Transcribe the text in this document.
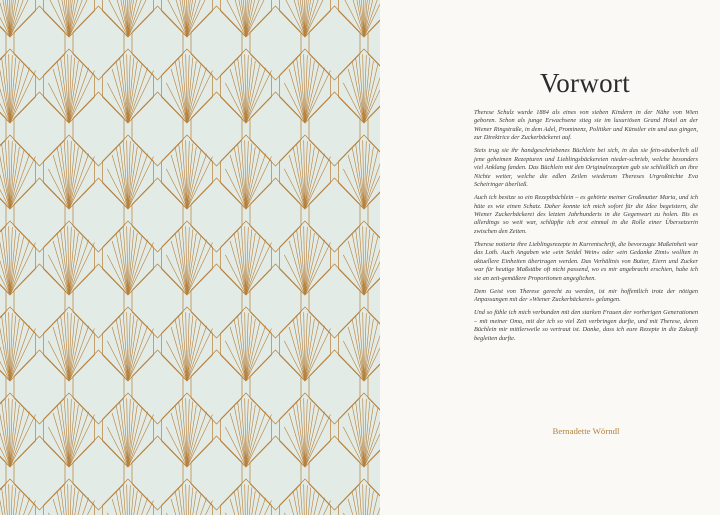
Vorwort

Therese Schulz wurde 1884 als eines von sieben Kindern in der Nähe von Wien geboren. Schon als junge Erwachsene stieg sie im luxuriösen Grand Hotel an der Wiener Ringstraße, in dem Adel, Prominenz, Politiker und Künstler ein und aus gingen, zur Direktrice der Zuckerbäckerei auf.

Stets trug sie ihr handgeschriebenes Büchlein bei sich, in das sie fein-säuberlich all jene geheimen Rezepturen und Lieblingsbäckereien nieder-schrieb, welche besonders viel Anklang fanden. Das Büchlein mit den Originalrezepten gab sie schließlich an ihre Nichte weiter, welche die edlen Zeilen wiederum Thereses Urgroßnichte Eva Scheiringer überließ.

Auch ich besitze so ein Rezeptbüchlein – es gehörte meiner Großmutter Maria, und ich hüte es wie einen Schatz. Daher konnte ich mich sofort für die Idee begeistern, die Wiener Zuckerbäckerei des letzten Jahrhunderts in die Gegenwart zu holen. Bis es allerdings so weit war, schlüpfte ich erst einmal in die Rolle einer Übersetzerin zwischen den Zeiten.

Therese notierte ihre Lieblingsrezepte in Kurrentschrift, die bevorzugte Maßeinheit war das Loth. Auch Angaben wie »ein Seidel Wein« oder »ein Gedanke Zimt« wollten in aktuellere Einheiten übertragen werden. Das Verhältnis von Butter, Eiern und Zucker war für heutige Maßstäbe oft nicht passend, wo es mir angebracht erschien, habe ich sie an zeit-gemäßere Proportionen angeglichen.

Dem Geist von Therese gerecht zu werden, ist mir hoffentlich trotz der nötigen Anpassungen mit der »Wiener Zuckerbäckerei« gelangen.

Und so fühle ich mich verbunden mit den starken Frauen der vorherigen Generationen – mit meiner Oma, mit der ich so viel Zeit verbringen durfte, und mit Therese, deren Büchlein mir mittlerweile so vertraut ist. Danke, dass ich eure Rezepte in die Zukunft begleiten durfte.

Bernadette Wörndl
